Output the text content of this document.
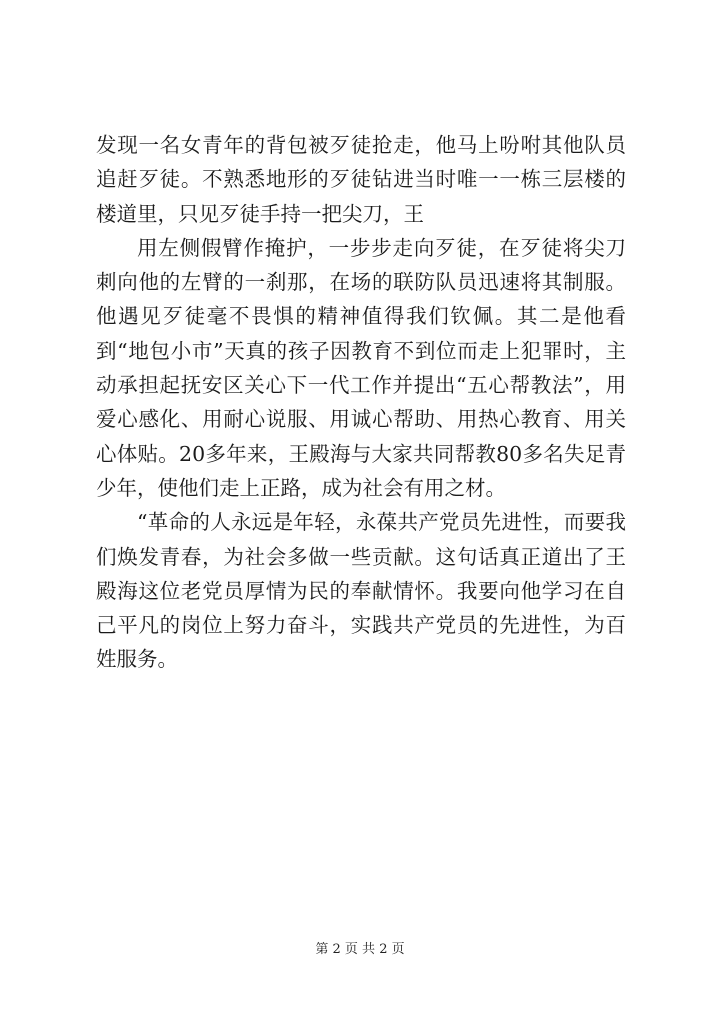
发现一名女青年的背包被歹徒抢走，他马上吩咐其他队员追赶歹徒。不熟悉地形的歹徒钻进当时唯一一栋三层楼的楼道里，只见歹徒手持一把尖刀，王

用左侧假臂作掩护，一步步走向歹徒，在歹徒将尖刀刺向他的左臂的一刹那，在场的联防队员迅速将其制服。他遇见歹徒毫不畏惧的精神值得我们钦佩。其二是他看到“地包小市”天真的孩子因教育不到位而走上犯罪时，主动承担起抚安区关心下一代工作并提出“五心帮教法”，用爱心感化、用耐心说服、用诚心帮助、用热心教育、用关心体贴。20多年来，王殿海与大家共同帮教80多名失足青少年，使他们走上正路，成为社会有用之材。

“革命的人永远是年轻，永葆共产党员先进性，而要我们焕发青春，为社会多做一些贡献。这句话真正道出了王殿海这位老党员厚情为民的奉献情怀。我要向他学习在自己平凡的岗位上努力奋斗，实践共产党员的先进性，为百姓服务。

第 2 页 共 2 页
